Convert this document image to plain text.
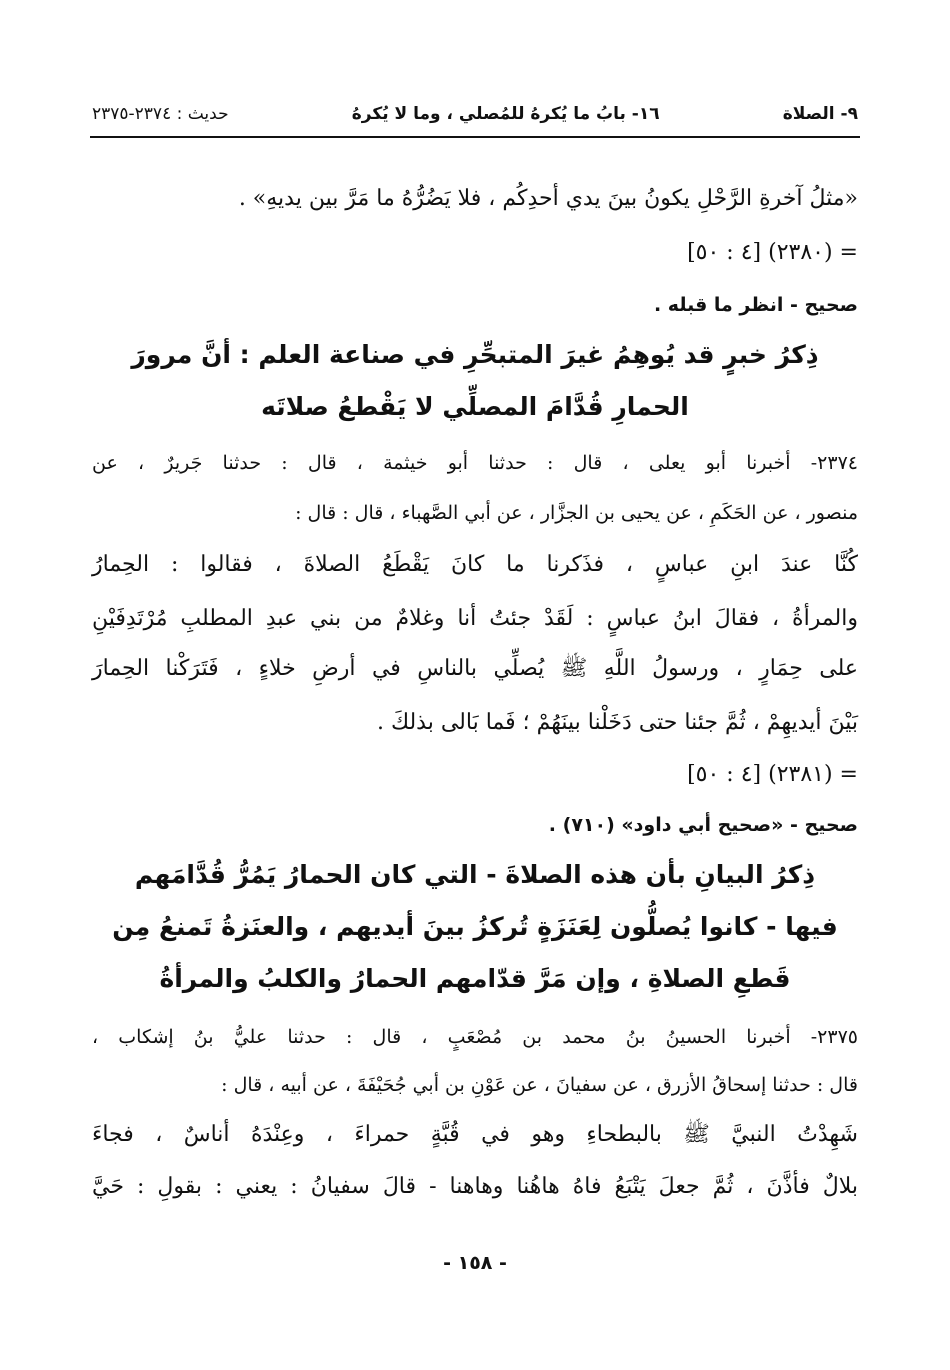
٩- الصلاة
١٦- بابُ ما يُكرهُ للمُصلي ، وما لا يُكرهُ
حديث : ٢٣٧٤-٢٣٧٥
«مثلُ آخرةِ الرَّحْلِ يكونُ بينَ يدي أحدِكُم ، فلا يَضُرُّهُ ما مَرَّ بين يديهِ» .
= (٢٣٨٠) [٤ : ٥٠]
صحيح - انظر ما قبله .
ذِكرُ خبرٍ قد يُوهِمُ غيرَ المتبحِّرِ في صناعة العلم : أنَّ مرورَ
الحمارِ قُدَّامَ المصلِّي لا يَقْطعُ صلاتَه
٢٣٧٤- أخبرنا أبو يعلى ، قال : حدثنا أبو خيثمة ، قال : حدثنا جَريرٌ ، عن
منصور ، عن الحَكَمِ ، عن يحيى بن الجزَّار ، عن أبي الصَّهباء ، قال : قال :
كُنَّا عندَ ابنِ عباسٍ ، فذَكرنا ما كانَ يَقْطَعُ الصلاةَ ، فقالوا : الحِمارُ
والمرأةُ ، فقالَ ابنُ عباسٍ : لَقَدْ جئتُ أنا وغلامٌ من بني عبدِ المطلبِ مُرْتَدِفَيْنِ
على حِمَارٍ ، ورسولُ اللَّهِ ﷺ يُصلِّي بالناسِ في أرضِ خلاءٍ ، فَتَرَكْنا الحِمارَ
بَيْنَ أيديهِمْ ، ثُمَّ جئنا حتى دَخَلْنا بينَهُمْ ؛ فَما بَالى بذلكَ .
= (٢٣٨١) [٤ : ٥٠]
صحيح - «صحيح أبي داود» (٧١٠) .
ذِكرُ البيانِ بأن هذه الصلاةَ - التي كان الحمارُ يَمُرُّ قُدَّامَهم
فيها - كانوا يُصلُّون لِعَنَزَةٍ تُركزُ بينَ أيديهم ، والعنَزةُ تَمنعُ مِن
قَطعِ الصلاةِ ، وإن مَرَّ قدّامهم الحمارُ والكلبُ والمرأةُ
٢٣٧٥- أخبرنا الحسينُ بنُ محمد بن مُصْعَبٍ ، قال : حدثنا عليُّ بنُ إشكاب ،
قال : حدثنا إسحاقُ الأزرق ، عن سفيانَ ، عن عَوْنِ بن أبي جُحَيْفَةَ ، عن أبيه ، قال :
شَهِدْتُ النبيَّ ﷺ بالبطحاءِ وهو في قُبَّةٍ حمراءَ ، وعِنْدَهُ أناسٌ ، فجاءَ
بلالٌ فأذَّنَ ، ثُمَّ جعلَ يَتْبَعُ فاهُ هاهُنا وهاهنا - قالَ سفيانُ : يعني : بقولِ : حَيَّ
- ١٥٨ -
